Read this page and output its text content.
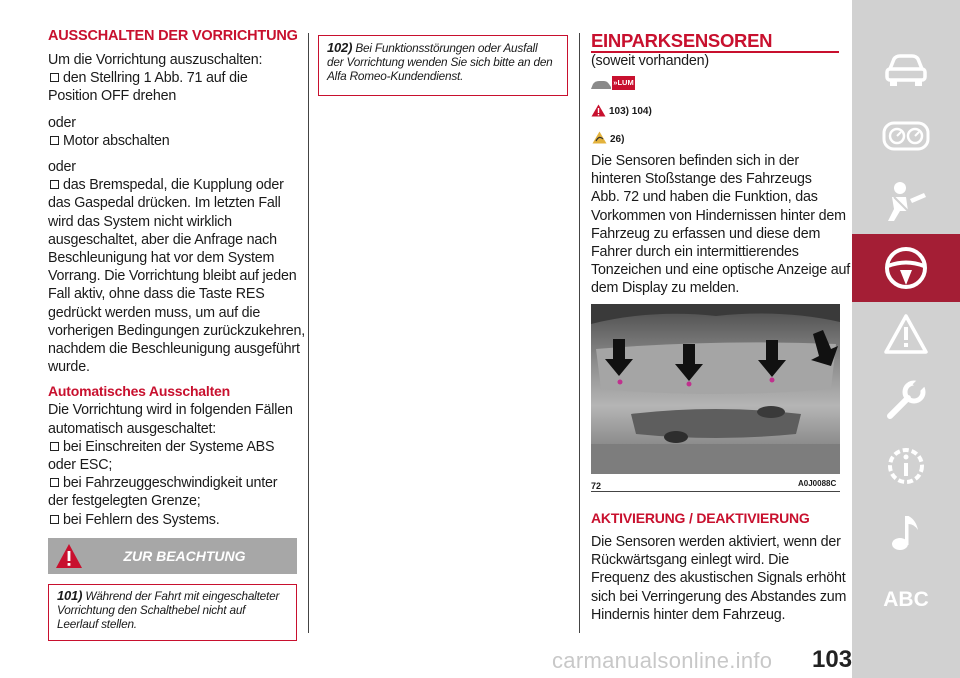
AUSSCHALTEN DER VORRICHTUNG
Um die Vorrichtung auszuschalten:
den Stellring 1 Abb. 71 auf die
Position OFF drehen
oder
Motor abschalten
oder
das Bremspedal, die Kupplung oder
das Gaspedal drücken. Im letzten Fall
wird das System nicht wirklich
ausgeschaltet, aber die Anfrage nach
Beschleunigung hat vor dem System
Vorrang. Die Vorrichtung bleibt auf jeden
Fall aktiv, ohne dass die Taste RES
gedrückt werden muss, um auf die
vorherigen Bedingungen zurückzukehren,
nachdem die Beschleunigung ausgeführt
wurde.
Automatisches Ausschalten
Die Vorrichtung wird in folgenden Fällen
automatisch ausgeschaltet:
bei Einschreiten der Systeme ABS
oder ESC;
bei Fahrzeuggeschwindigkeit unter
der festgelegten Grenze;
bei Fehlern des Systems.
ZUR BEACHTUNG
101) Während der Fahrt mit eingeschalteter
Vorrichtung den Schalthebel nicht auf
Leerlauf stellen.
102) Bei Funktionsstörungen oder Ausfall
der Vorrichtung wenden Sie sich bitte an den
Alfa Romeo-Kundendienst.
EINPARKSENSOREN
(soweit vorhanden)
»LUM
103) 104)
26)
Die Sensoren befinden sich in der
hinteren Stoßstange des Fahrzeugs
Abb. 72 und haben die Funktion, das
Vorkommen von Hindernissen hinter dem
Fahrzeug zu erfassen und diese dem
Fahrer durch ein intermittierendes
Tonzeichen und eine optische Anzeige auf
dem Display zu melden.
72	A0J0088C
AKTIVIERUNG / DEAKTIVIERUNG
Die Sensoren werden aktiviert, wenn der
Rückwärtsgang einlegt wird. Die
Frequenz des akustischen Signals erhöht
sich bei Verringerung des Abstandes zum
Hindernis hinter dem Fahrzeug.
ABC
103
carmanualsonline.info
